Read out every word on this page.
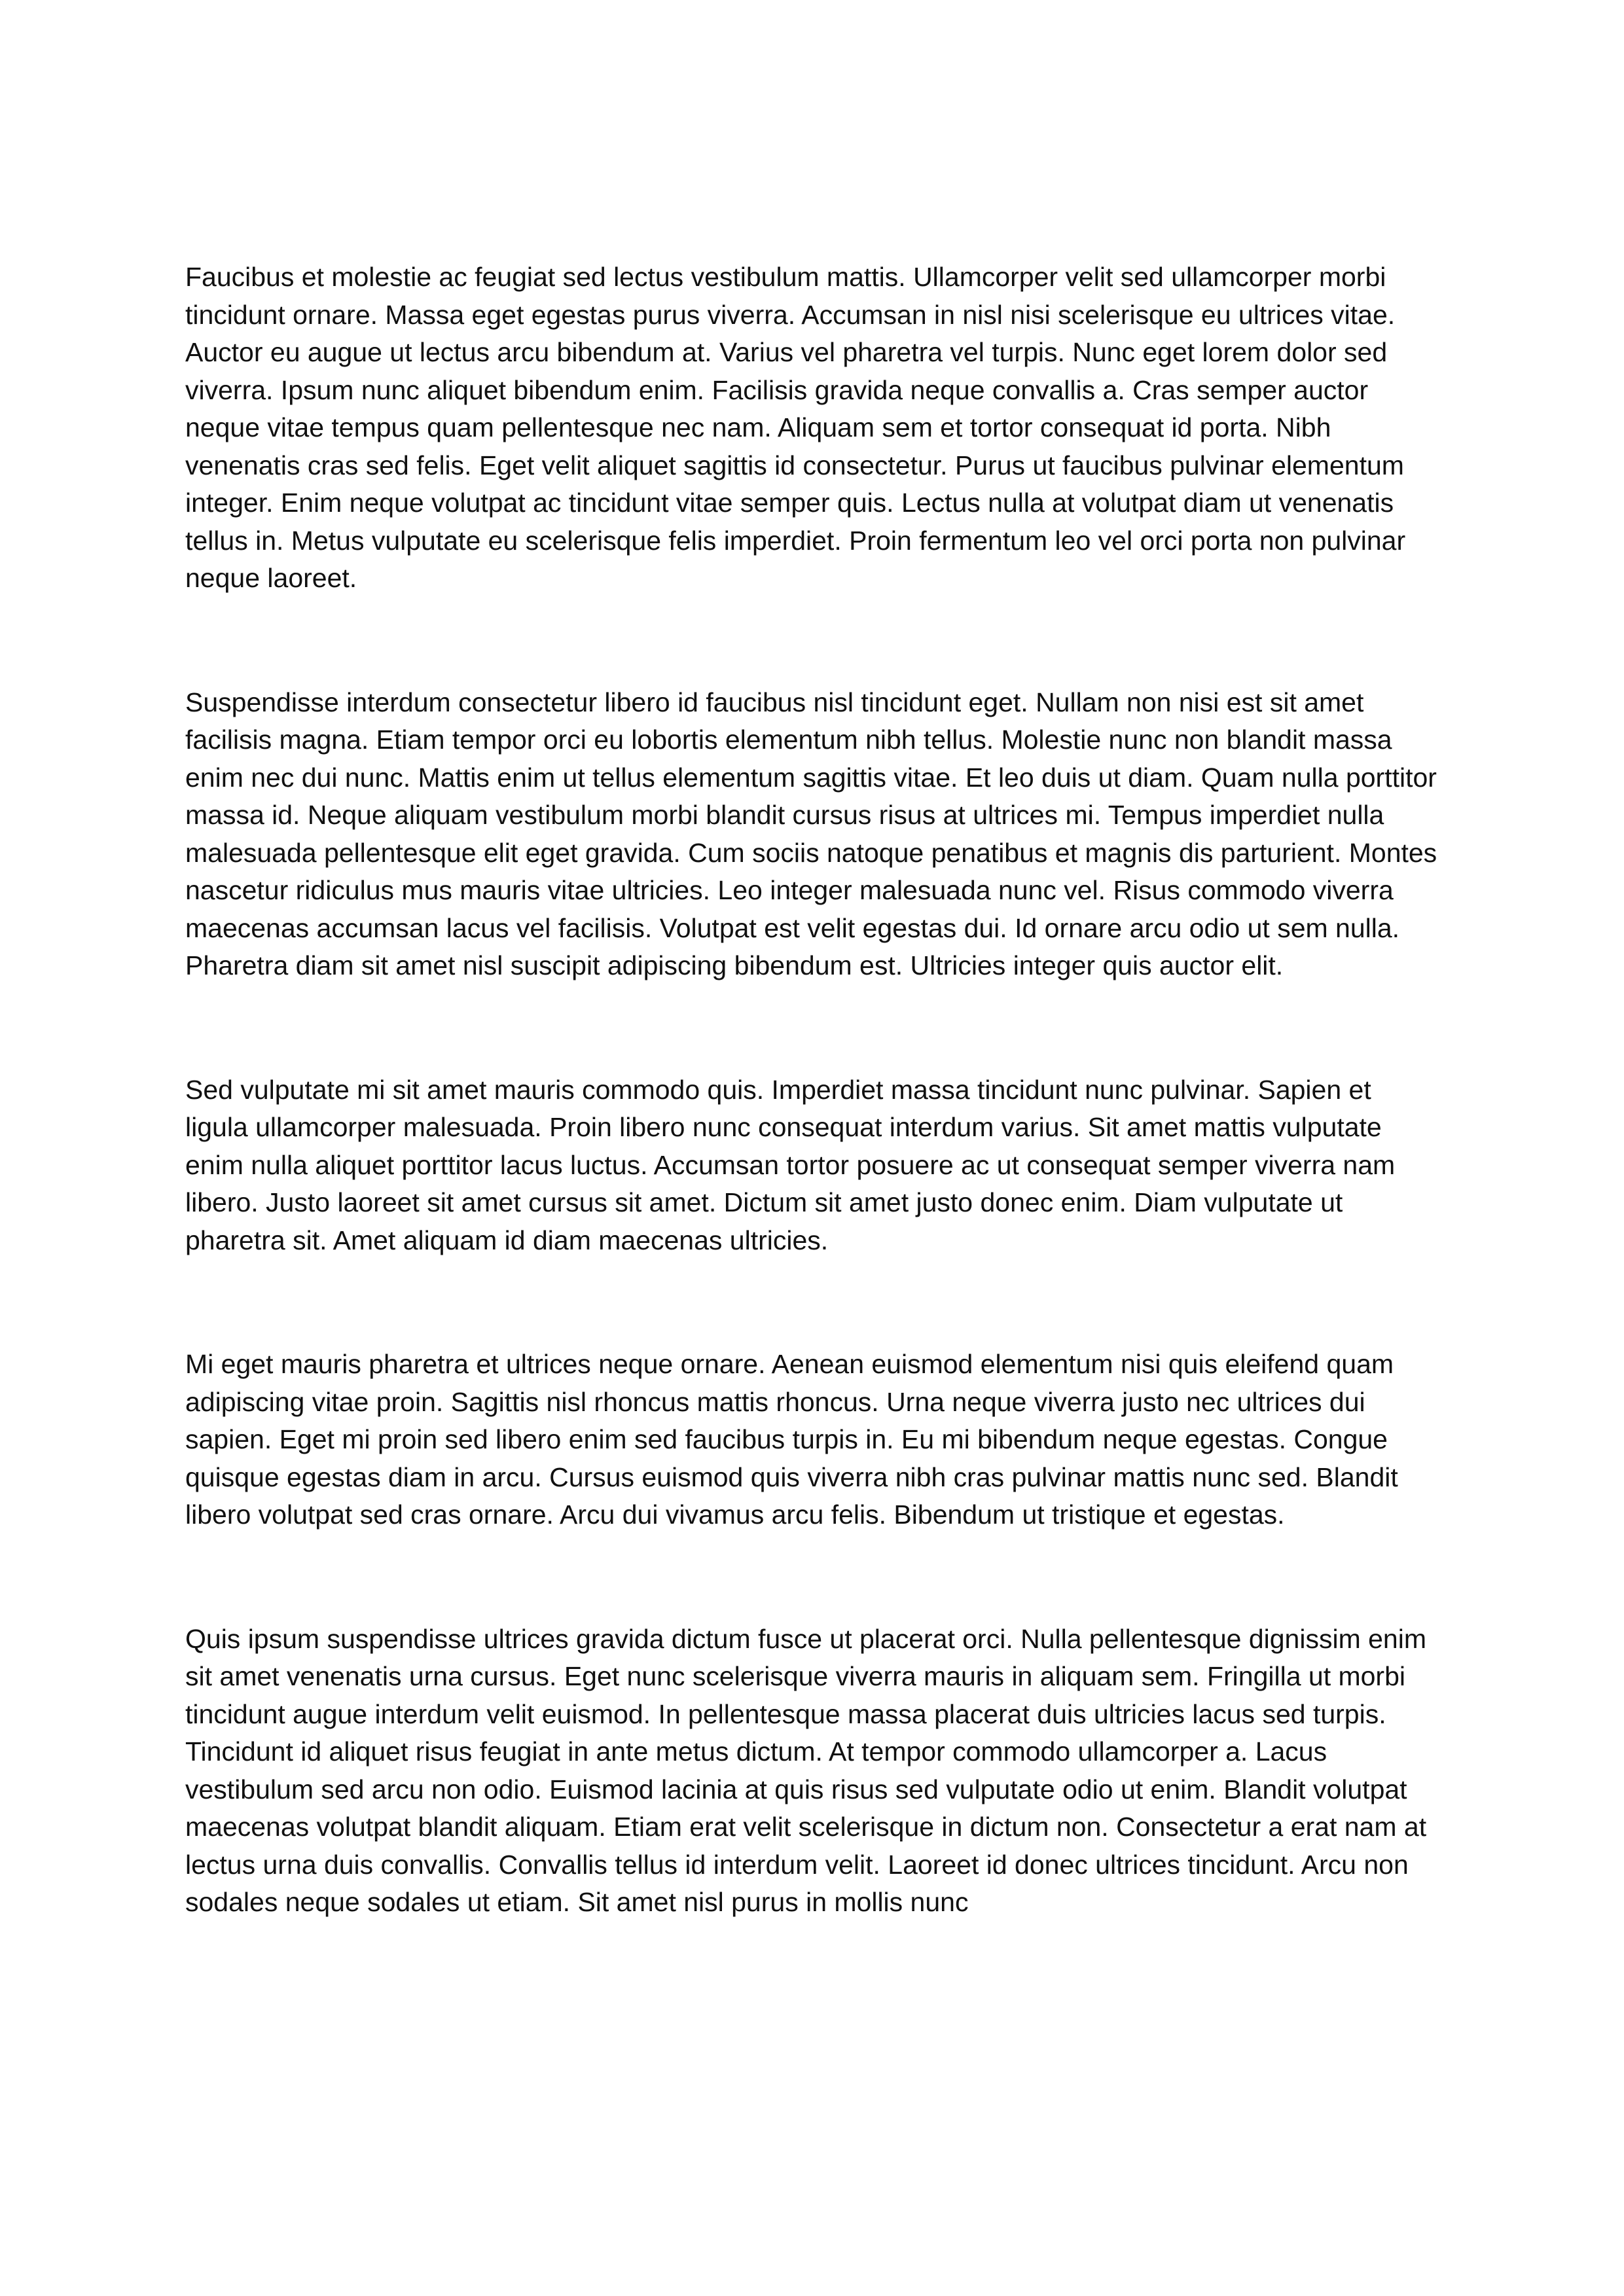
Faucibus et molestie ac feugiat sed lectus vestibulum mattis. Ullamcorper velit sed ullamcorper morbi tincidunt ornare. Massa eget egestas purus viverra. Accumsan in nisl nisi scelerisque eu ultrices vitae. Auctor eu augue ut lectus arcu bibendum at. Varius vel pharetra vel turpis. Nunc eget lorem dolor sed viverra. Ipsum nunc aliquet bibendum enim. Facilisis gravida neque convallis a. Cras semper auctor neque vitae tempus quam pellentesque nec nam. Aliquam sem et tortor consequat id porta. Nibh venenatis cras sed felis. Eget velit aliquet sagittis id consectetur. Purus ut faucibus pulvinar elementum integer. Enim neque volutpat ac tincidunt vitae semper quis. Lectus nulla at volutpat diam ut venenatis tellus in. Metus vulputate eu scelerisque felis imperdiet. Proin fermentum leo vel orci porta non pulvinar neque laoreet.

Suspendisse interdum consectetur libero id faucibus nisl tincidunt eget. Nullam non nisi est sit amet facilisis magna. Etiam tempor orci eu lobortis elementum nibh tellus. Molestie nunc non blandit massa enim nec dui nunc. Mattis enim ut tellus elementum sagittis vitae. Et leo duis ut diam. Quam nulla porttitor massa id. Neque aliquam vestibulum morbi blandit cursus risus at ultrices mi. Tempus imperdiet nulla malesuada pellentesque elit eget gravida. Cum sociis natoque penatibus et magnis dis parturient. Montes nascetur ridiculus mus mauris vitae ultricies. Leo integer malesuada nunc vel. Risus commodo viverra maecenas accumsan lacus vel facilisis. Volutpat est velit egestas dui. Id ornare arcu odio ut sem nulla. Pharetra diam sit amet nisl suscipit adipiscing bibendum est. Ultricies integer quis auctor elit.

Sed vulputate mi sit amet mauris commodo quis. Imperdiet massa tincidunt nunc pulvinar. Sapien et ligula ullamcorper malesuada. Proin libero nunc consequat interdum varius. Sit amet mattis vulputate enim nulla aliquet porttitor lacus luctus. Accumsan tortor posuere ac ut consequat semper viverra nam libero. Justo laoreet sit amet cursus sit amet. Dictum sit amet justo donec enim. Diam vulputate ut pharetra sit. Amet aliquam id diam maecenas ultricies.

Mi eget mauris pharetra et ultrices neque ornare. Aenean euismod elementum nisi quis eleifend quam adipiscing vitae proin. Sagittis nisl rhoncus mattis rhoncus. Urna neque viverra justo nec ultrices dui sapien. Eget mi proin sed libero enim sed faucibus turpis in. Eu mi bibendum neque egestas. Congue quisque egestas diam in arcu. Cursus euismod quis viverra nibh cras pulvinar mattis nunc sed. Blandit libero volutpat sed cras ornare. Arcu dui vivamus arcu felis. Bibendum ut tristique et egestas.

Quis ipsum suspendisse ultrices gravida dictum fusce ut placerat orci. Nulla pellentesque dignissim enim sit amet venenatis urna cursus. Eget nunc scelerisque viverra mauris in aliquam sem. Fringilla ut morbi tincidunt augue interdum velit euismod. In pellentesque massa placerat duis ultricies lacus sed turpis. Tincidunt id aliquet risus feugiat in ante metus dictum. At tempor commodo ullamcorper a. Lacus vestibulum sed arcu non odio. Euismod lacinia at quis risus sed vulputate odio ut enim. Blandit volutpat maecenas volutpat blandit aliquam. Etiam erat velit scelerisque in dictum non. Consectetur a erat nam at lectus urna duis convallis. Convallis tellus id interdum velit. Laoreet id donec ultrices tincidunt. Arcu non sodales neque sodales ut etiam. Sit amet nisl purus in mollis nunc
